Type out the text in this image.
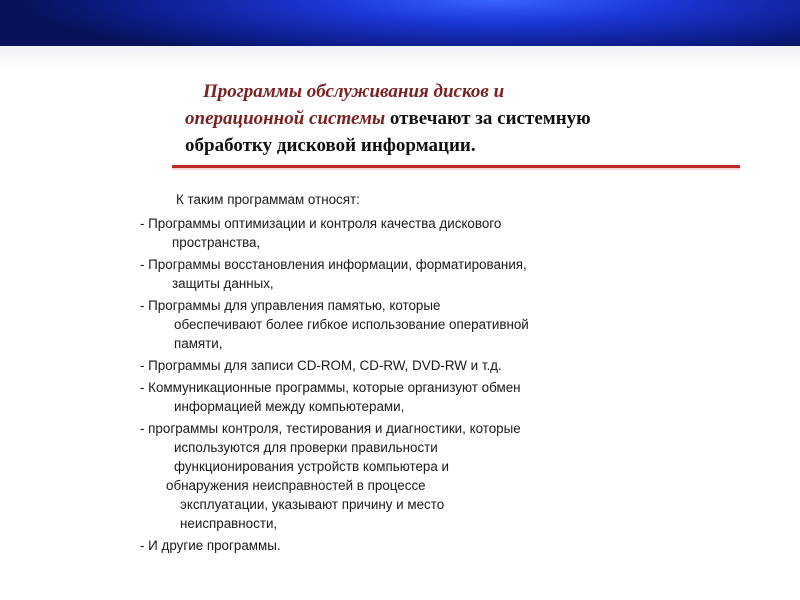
Программы обслуживания дисков и
операционной системы отвечают за системную
обработку дисковой информации.
К таким программам относят:
- Программы оптимизации и контроля качества дискового
пространства,
- Программы восстановления информации, форматирования,
защиты данных,
- Программы для управления памятью, которые
обеспечивают более гибкое использование оперативной
памяти,
- Программы для записи CD-ROM, CD-RW, DVD-RW и т.д.
- Коммуникационные программы, которые организуют обмен
информацией между компьютерами,
- программы контроля, тестирования и диагностики, которые
используются для проверки правильности
функционирования устройств компьютера и
обнаружения неисправностей в процессе
эксплуатации, указывают причину и место
неисправности,
- И другие программы.
